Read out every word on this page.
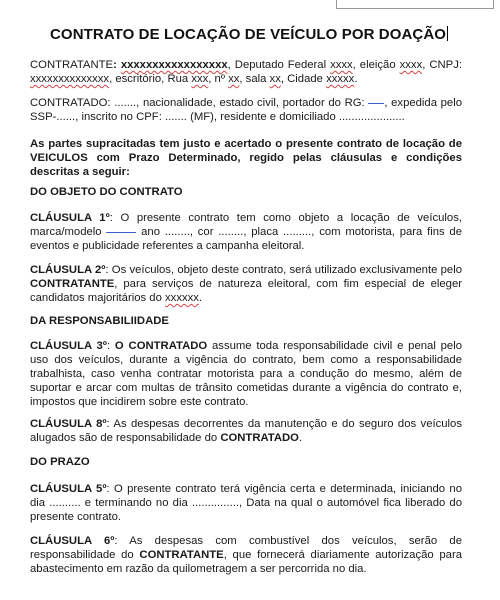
CONTRATO DE LOCAÇÃO DE VEÍCULO POR DOAÇÃO

CONTRATANTE: xxxxxxxxxxxxxxxxx, Deputado Federal xxxx, eleição xxxx, CNPJ: xxxxxxxxxxxxxx, escritório, Rua xxx, nº xx, sala xx, Cidade xxxxx.

CONTRATADO: ......., nacionalidade, estado civil, portador do RG: , expedida pelo SSP-......, inscrito no CPF: ....... (MF), residente e domiciliado .....................

As partes supracitadas tem justo e acertado o presente contrato de locação de VEICULOS com Prazo Determinado, regido pelas cláusulas e condições descritas a seguir:

DO OBJETO DO CONTRATO

CLÁUSULA 1º: O presente contrato tem como objeto a locação de veículos, marca/modelo	ano ........, cor ........, placa ........., com motorista, para fins de eventos e publicidade referentes a campanha eleitoral.

CLÁUSULA 2º: Os veículos, objeto deste contrato, será utilizado exclusivamente pelo CONTRATANTE, para serviços de natureza eleitoral, com fim especial de eleger candidatos majoritários do xxxxxx.

DA RESPONSABILIIDADE

CLÁUSULA 3º: O CONTRATADO assume toda responsabilidade civil e penal pelo uso dos veículos, durante a vigência do contrato, bem como a responsabilidade trabalhista, caso venha contratar motorista para a condução do mesmo, além de suportar e arcar com multas de trânsito cometidas durante a vigência do contrato e, impostos que incidirem sobre este contrato.

CLÁUSULA 8º: As despesas decorrentes da manutenção e do seguro dos veículos alugados são de responsabilidade do CONTRATADO.

DO PRAZO

CLÁUSULA 5º: O presente contrato terá vigência certa e determinada, iniciando no dia .......... e terminando no dia ..............., Data na qual o automóvel fica liberado do presente contrato.

CLÁUSULA 6º: As despesas com combustível dos veículos, serão de responsabilidade do CONTRATANTE, que fornecerá diariamente autorização para abastecimento em razão da quilometragem a ser percorrida no dia.
